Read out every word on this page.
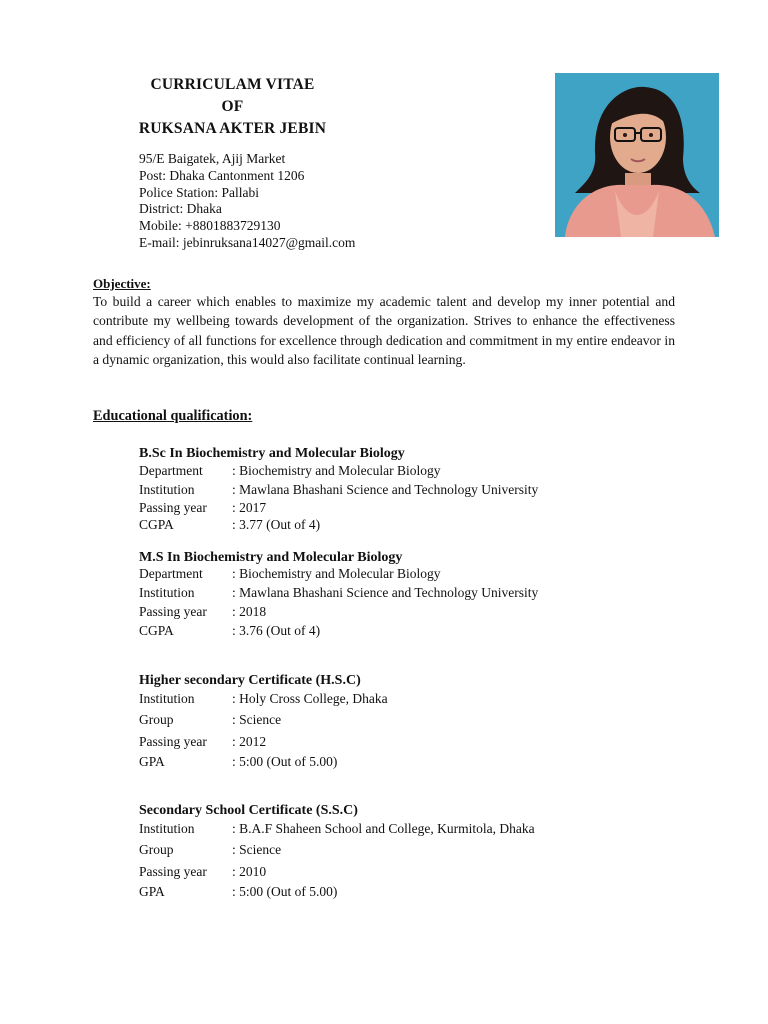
CURRICULAM VITAE
OF
RUKSANA AKTER JEBIN
95/E Baigatek, Ajij Market
Post: Dhaka Cantonment 1206
Police Station: Pallabi
District: Dhaka
Mobile: +8801883729130
E-mail: jebinruksana14027@gmail.com
Objective:
To build a career which enables to maximize my academic talent and develop my inner potential and contribute my wellbeing towards development of the organization. Strives to enhance the effectiveness and efficiency of all functions for excellence through dedication and commitment in my entire endeavor in a dynamic organization, this would also facilitate continual learning.
Educational qualification:
B.Sc In Biochemistry and Molecular Biology
Department	: Biochemistry and Molecular Biology
Institution	: Mawlana Bhashani Science and Technology University
Passing year	: 2017
CGPA	: 3.77 (Out of 4)
M.S In Biochemistry and Molecular Biology
Department	: Biochemistry and Molecular Biology
Institution	: Mawlana Bhashani Science and Technology University
Passing year	: 2018
CGPA	: 3.76 (Out of 4)
Higher secondary Certificate (H.S.C)
Institution	: Holy Cross College, Dhaka
Group	: Science
Passing year	: 2012
GPA	: 5:00 (Out of 5.00)
Secondary School Certificate (S.S.C)
Institution	: B.A.F Shaheen School and College, Kurmitola, Dhaka
Group	: Science
Passing year	: 2010
GPA	: 5:00 (Out of 5.00)
